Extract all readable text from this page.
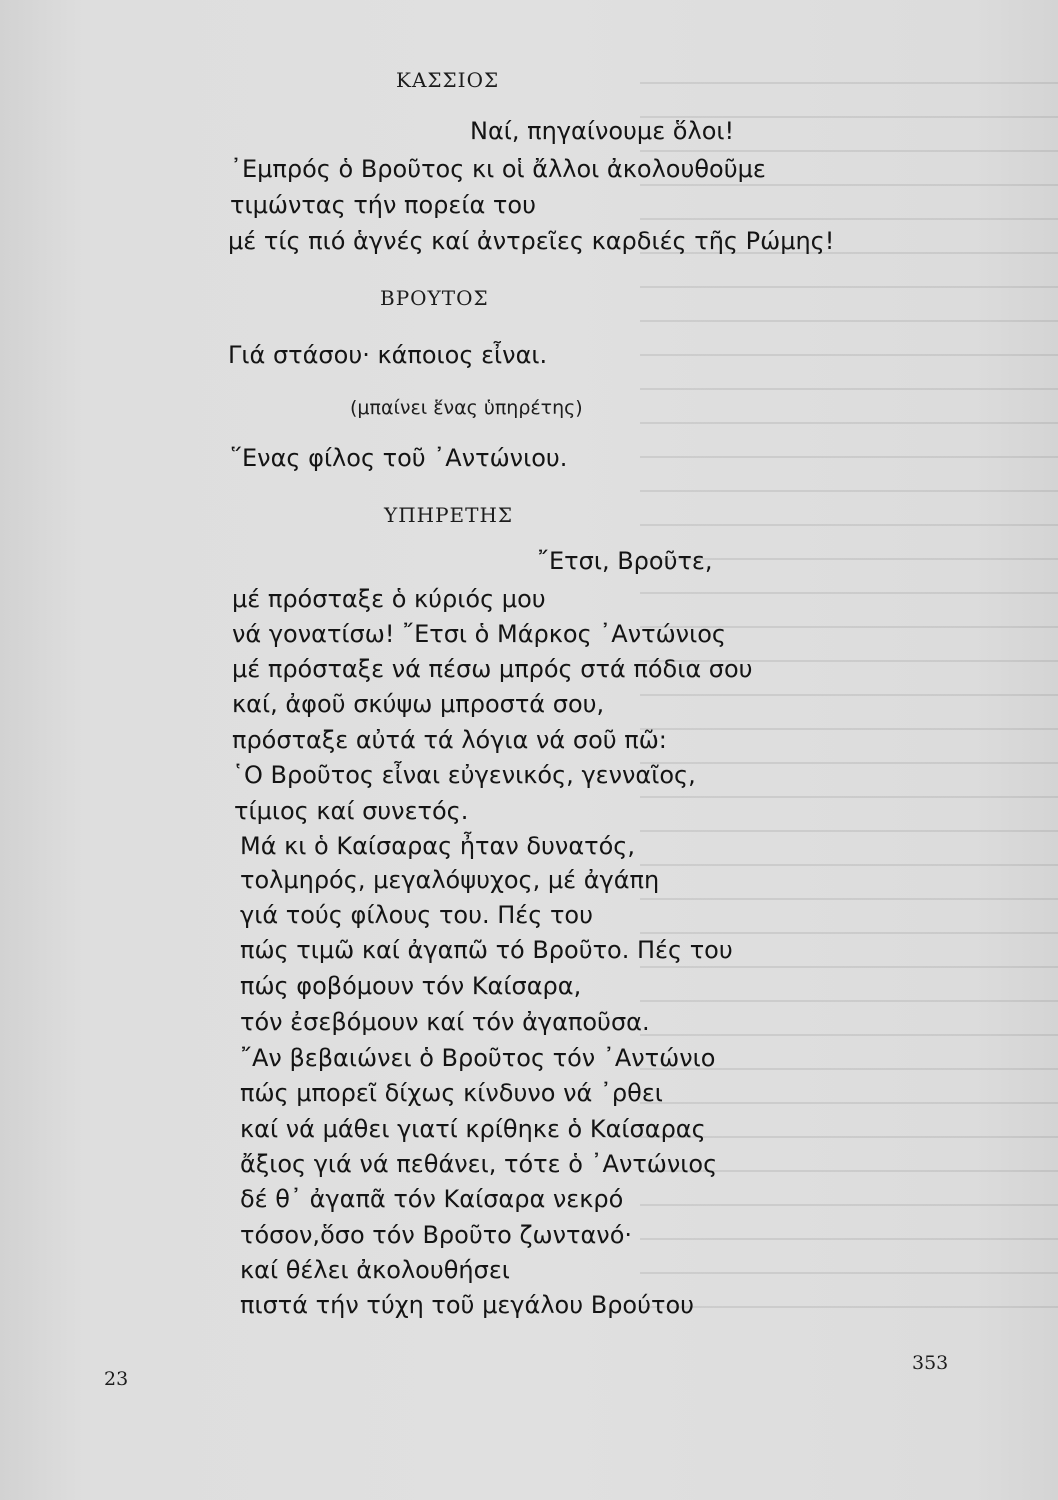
ΚΑΣΣΙΟΣ
Ναί, πηγαίνουμε ὅλοι!
᾿Εμπρός ὁ Βροῦτος κι οἱ ἄλλοι ἀκολουθοῦμε
τιμώντας τήν πορεία του
μέ τίς πιό ἁγνές καί ἀντρεῖες καρδιές τῆς Ρώμης!
ΒΡΟΥΤΟΣ
Γιά στάσου· κάποιος εἶναι.
(μπαίνει ἕνας ὑπηρέτης)
῞Ενας φίλος τοῦ ᾿Αντώνιου.
ΥΠΗΡΕΤΗΣ
῎Ετσι, Βροῦτε,
μέ πρόσταξε ὁ κύριός μου
νά γονατίσω! ῎Ετσι ὁ Μάρκος ᾿Αντώνιος
μέ πρόσταξε νά πέσω μπρός στά πόδια σου
καί, ἀφοῦ σκύψω μπροστά σου,
πρόσταξε αὐτά τά λόγια νά σοῦ πῶ:
῾Ο Βροῦτος εἶναι εὐγενικός, γενναῖος,
τίμιος καί συνετός.
Μά κι ὁ Καίσαρας ἦταν δυνατός,
τολμηρός, μεγαλόψυχος, μέ ἀγάπη
γιά τούς φίλους του. Πές του
πώς τιμῶ καί ἀγαπῶ τό Βροῦτο. Πές του
πώς φοβόμουν τόν Καίσαρα,
τόν ἐσεβόμουν καί τόν ἀγαποῦσα.
῎Αν βεβαιώνει ὁ Βροῦτος τόν ᾿Αντώνιο
πώς μπορεῖ δίχως κίνδυνο νά ᾿ρθει
καί νά μάθει γιατί κρίθηκε ὁ Καίσαρας
ἄξιος γιά νά πεθάνει, τότε ὁ ᾿Αντώνιος
δέ θ᾿ ἀγαπᾶ τόν Καίσαρα νεκρό
τόσον,ὅσο τόν Βροῦτο ζωντανό·
καί θέλει ἀκολουθήσει
πιστά τήν τύχη τοῦ μεγάλου Βρούτου
23
353
